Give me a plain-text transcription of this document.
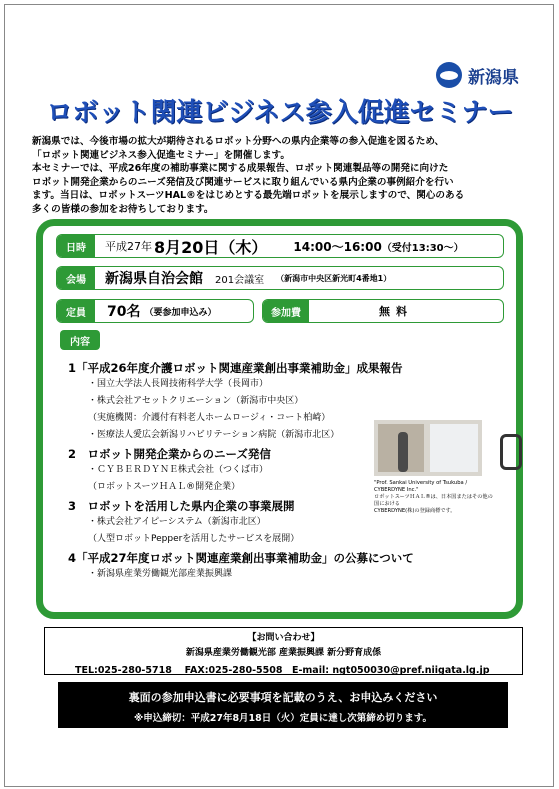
新潟県
ロボット関連ビジネス参入促進セミナー

新潟県では、今後市場の拡大が期待されるロボット分野への県内企業等の参入促進を図るため、

「ロボット関連ビジネス参入促進セミナー」を開催します。

本セミナーでは、平成26年度の補助事業に関する成果報告、ロボット関連製品等の開発に向けた

ロボット開発企業からのニーズ発信及び関連サービスに取り組んでいる県内企業の事例紹介を行い

ます。当日は、ロボットスーツHAL®をはじめとする最先端ロボットを展示しますので、関心のある

多くの皆様の参加をお待ちしております。

日時	平成27年 8月20日（木） 14:00～16:00 （受付13:30～）
会場	新潟県自治会館 201会議室 （新潟市中央区新光町4番地1）
定員	70名 （要参加申込み）	参加費	無料
内容
1「平成26年度介護ロボット関連産業創出事業補助金」成果報告
・国立大学法人長岡技術科学大学（長岡市）
・株式会社アセットクリエーション（新潟市中央区）
（実施機関：介護付有料老人ホームロージィ・コート柏崎）
・医療法人愛広会新潟リハビリテーション病院（新潟市北区）
2　ロボット開発企業からのニーズ発信
・ＣＹＢＥＲＤＹＮＥ株式会社（つくば市）
（ロボットスーツＨＡＬ®開発企業）
3　ロボットを活用した県内企業の事業展開
・株式会社アイピーシステム（新潟市北区）
（人型ロボットPepperを活用したサービスを展開）
4「平成27年度ロボット関連産業創出事業補助金」の公募について
・新潟県産業労働観光部産業振興課
"Prof. Sankai University of Tsukuba / CYBERDYNE Inc."
ロボットスーツＨＡＬ®は、日本国またはその他の国における
CYBERDYNE(株)の登録商標です。
【お問い合わせ】
新潟県産業労働観光部 産業振興課 新分野育成係
TEL:025-280-5718　 FAX:025-280-5508　E-mail: ngt050030@pref.niigata.lg.jp
裏面の参加申込書に必要事項を記載のうえ、お申込みください
※申込締切：平成27年8月18日（火）定員に達し次第締め切ります。
